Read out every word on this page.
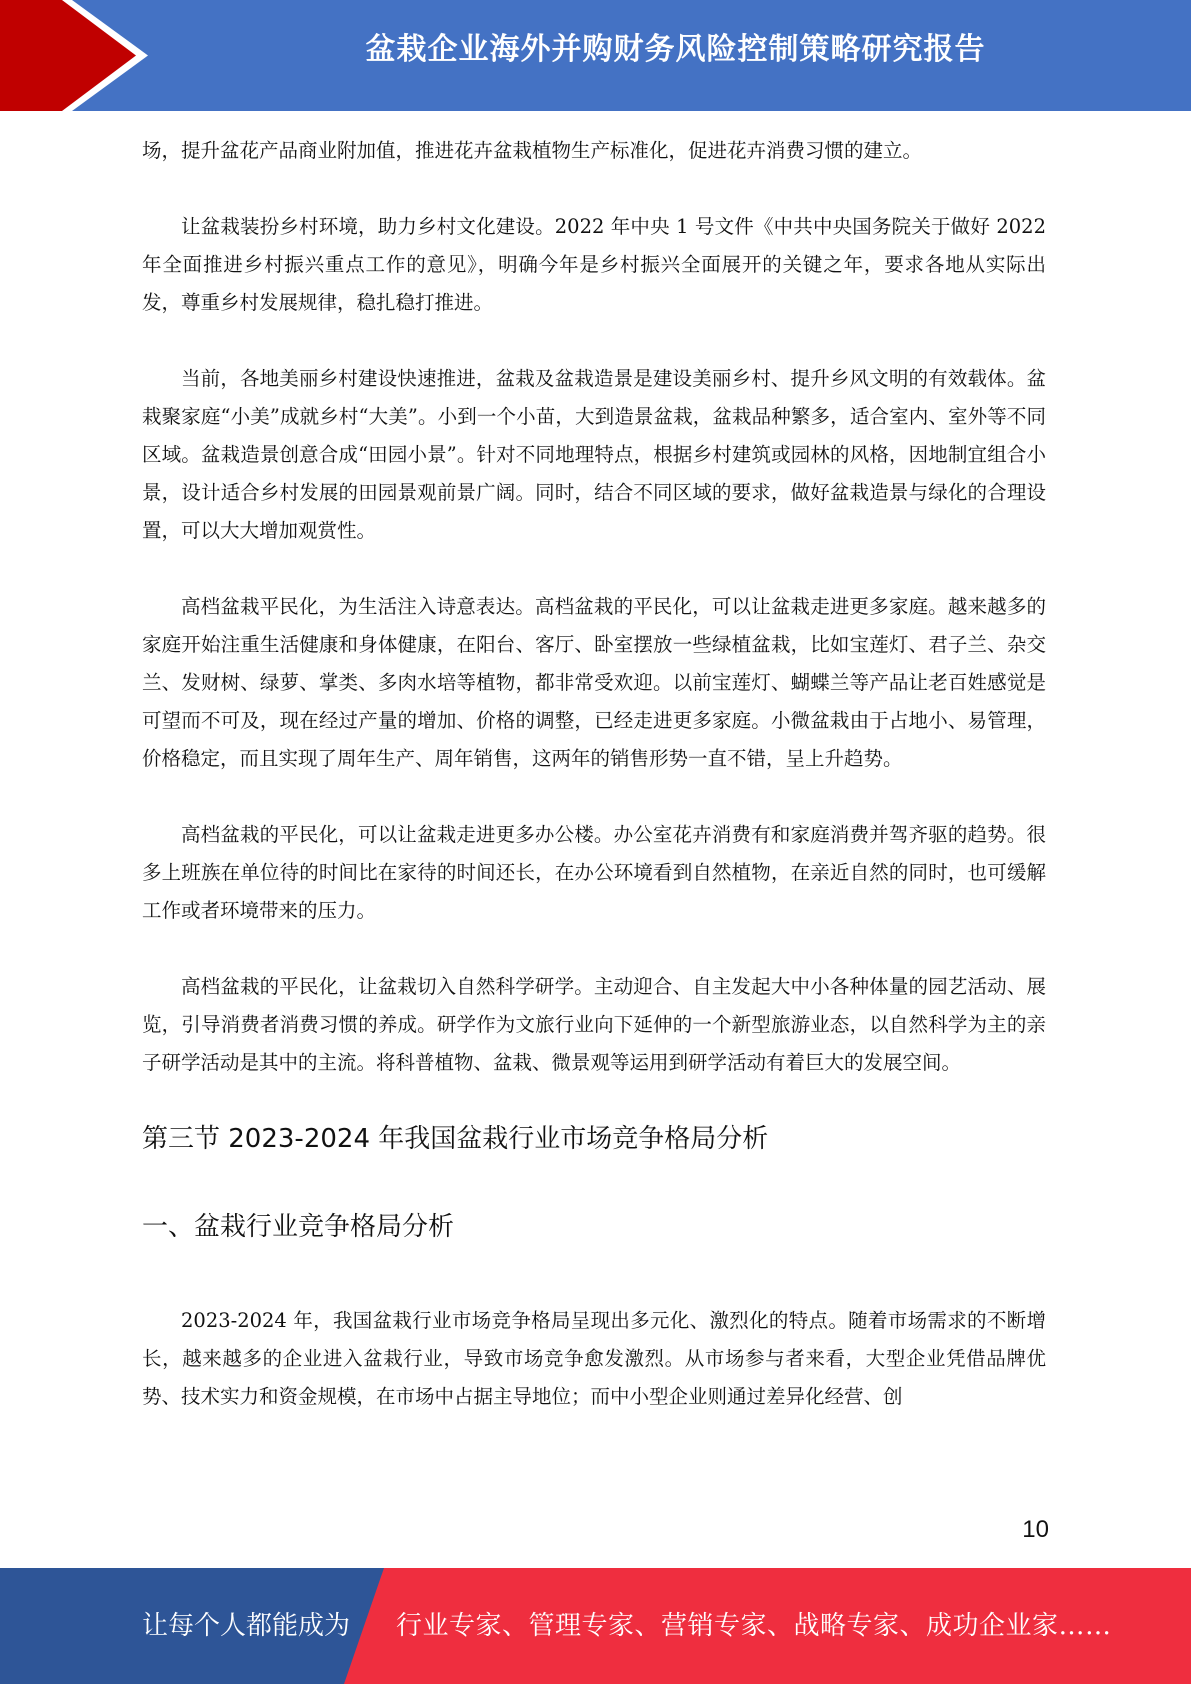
盆栽企业海外并购财务风险控制策略研究报告

场，提升盆花产品商业附加值，推进花卉盆栽植物生产标准化，促进花卉消费习惯的建立。

让盆栽装扮乡村环境，助力乡村文化建设。2022 年中央 1 号文件《中共中央国务院关于做好 2022 年全面推进乡村振兴重点工作的意见》，明确今年是乡村振兴全面展开的关键之年，要求各地从实际出发，尊重乡村发展规律，稳扎稳打推进。

当前，各地美丽乡村建设快速推进，盆栽及盆栽造景是建设美丽乡村、提升乡风文明的有效载体。盆栽聚家庭“小美”成就乡村“大美”。小到一个小苗，大到造景盆栽，盆栽品种繁多，适合室内、室外等不同区域。盆栽造景创意合成“田园小景”。针对不同地理特点，根据乡村建筑或园林的风格，因地制宜组合小景，设计适合乡村发展的田园景观前景广阔。同时，结合不同区域的要求，做好盆栽造景与绿化的合理设置，可以大大增加观赏性。

高档盆栽平民化，为生活注入诗意表达。高档盆栽的平民化，可以让盆栽走进更多家庭。越来越多的家庭开始注重生活健康和身体健康，在阳台、客厅、卧室摆放一些绿植盆栽，比如宝莲灯、君子兰、杂交兰、发财树、绿萝、掌类、多肉水培等植物，都非常受欢迎。以前宝莲灯、蝴蝶兰等产品让老百姓感觉是可望而不可及，现在经过产量的增加、价格的调整，已经走进更多家庭。小微盆栽由于占地小、易管理，价格稳定，而且实现了周年生产、周年销售，这两年的销售形势一直不错，呈上升趋势。

高档盆栽的平民化，可以让盆栽走进更多办公楼。办公室花卉消费有和家庭消费并驾齐驱的趋势。很多上班族在单位待的时间比在家待的时间还长，在办公环境看到自然植物，在亲近自然的同时，也可缓解工作或者环境带来的压力。

高档盆栽的平民化，让盆栽切入自然科学研学。主动迎合、自主发起大中小各种体量的园艺活动、展览，引导消费者消费习惯的养成。研学作为文旅行业向下延伸的一个新型旅游业态，以自然科学为主的亲子研学活动是其中的主流。将科普植物、盆栽、微景观等运用到研学活动有着巨大的发展空间。

第三节 2023-2024 年我国盆栽行业市场竞争格局分析
一、盆栽行业竞争格局分析

2023-2024 年，我国盆栽行业市场竞争格局呈现出多元化、激烈化的特点。随着市场需求的不断增长，越来越多的企业进入盆栽行业，导致市场竞争愈发激烈。从市场参与者来看，大型企业凭借品牌优势、技术实力和资金规模，在市场中占据主导地位；而中小型企业则通过差异化经营、创

10
让每个人都能成为 行业专家、管理专家、营销专家、战略专家、成功企业家……
